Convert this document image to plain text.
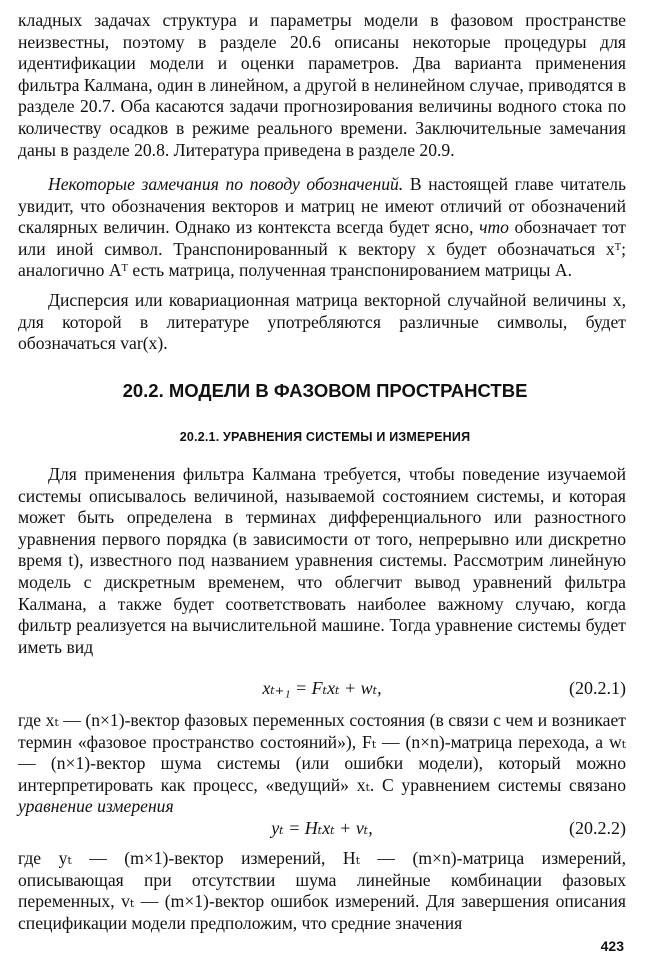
кладных задачах структура и параметры модели в фазовом пространстве неизвестны, поэтому в разделе 20.6 описаны некоторые процедуры для идентификации модели и оценки параметров. Два варианта применения фильтра Калмана, один в линейном, а другой в нелинейном случае, приводятся в разделе 20.7. Оба касаются задачи прогнозирования величины водного стока по количеству осадков в режиме реального времени. Заключительные замечания даны в разделе 20.8. Литература приведена в разделе 20.9.

Некоторые замечания по поводу обозначений. В настоящей главе читатель увидит, что обозначения векторов и матриц не имеют отличий от обозначений скалярных величин. Однако из контекста всегда будет ясно, что обозначает тот или иной символ. Транспонированный к вектору x будет обозначаться xᵀ; аналогично Aᵀ есть матрица, полученная транспонированием матрицы A.

Дисперсия или ковариационная матрица векторной случайной величины x, для которой в литературе употребляются различные символы, будет обозначаться var(x).

20.2. МОДЕЛИ В ФАЗОВОМ ПРОСТРАНСТВЕ
20.2.1. УРАВНЕНИЯ СИСТЕМЫ И ИЗМЕРЕНИЯ

Для применения фильтра Калмана требуется, чтобы поведение изучаемой системы описывалось величиной, называемой состоянием системы, и которая может быть определена в терминах дифференциального или разностного уравнения первого порядка (в зависимости от того, непрерывно или дискретно время t), известного под названием уравнения системы. Рассмотрим линейную модель с дискретным временем, что облегчит вывод уравнений фильтра Калмана, а также будет соответствовать наиболее важному случаю, когда фильтр реализуется на вычислительной машине. Тогда уравнение системы будет иметь вид

xₜ₊₁ = Fₜxₜ + wₜ,	(20.2.1)

где xₜ — (n×1)-вектор фазовых переменных состояния (в связи с чем и возникает термин «фазовое пространство состояний»), Fₜ — (n×n)-матрица перехода, а wₜ — (n×1)-вектор шума системы (или ошибки модели), который можно интерпретировать как процесс, «ведущий» xₜ. С уравнением системы связано уравнение измерения

yₜ = Hₜxₜ + vₜ,	(20.2.2)

где yₜ — (m×1)-вектор измерений, Hₜ — (m×n)-матрица измерений, описывающая при отсутствии шума линейные комбинации фазовых переменных, vₜ — (m×1)-вектор ошибок измерений. Для завершения описания спецификации модели предположим, что средние значения

423
